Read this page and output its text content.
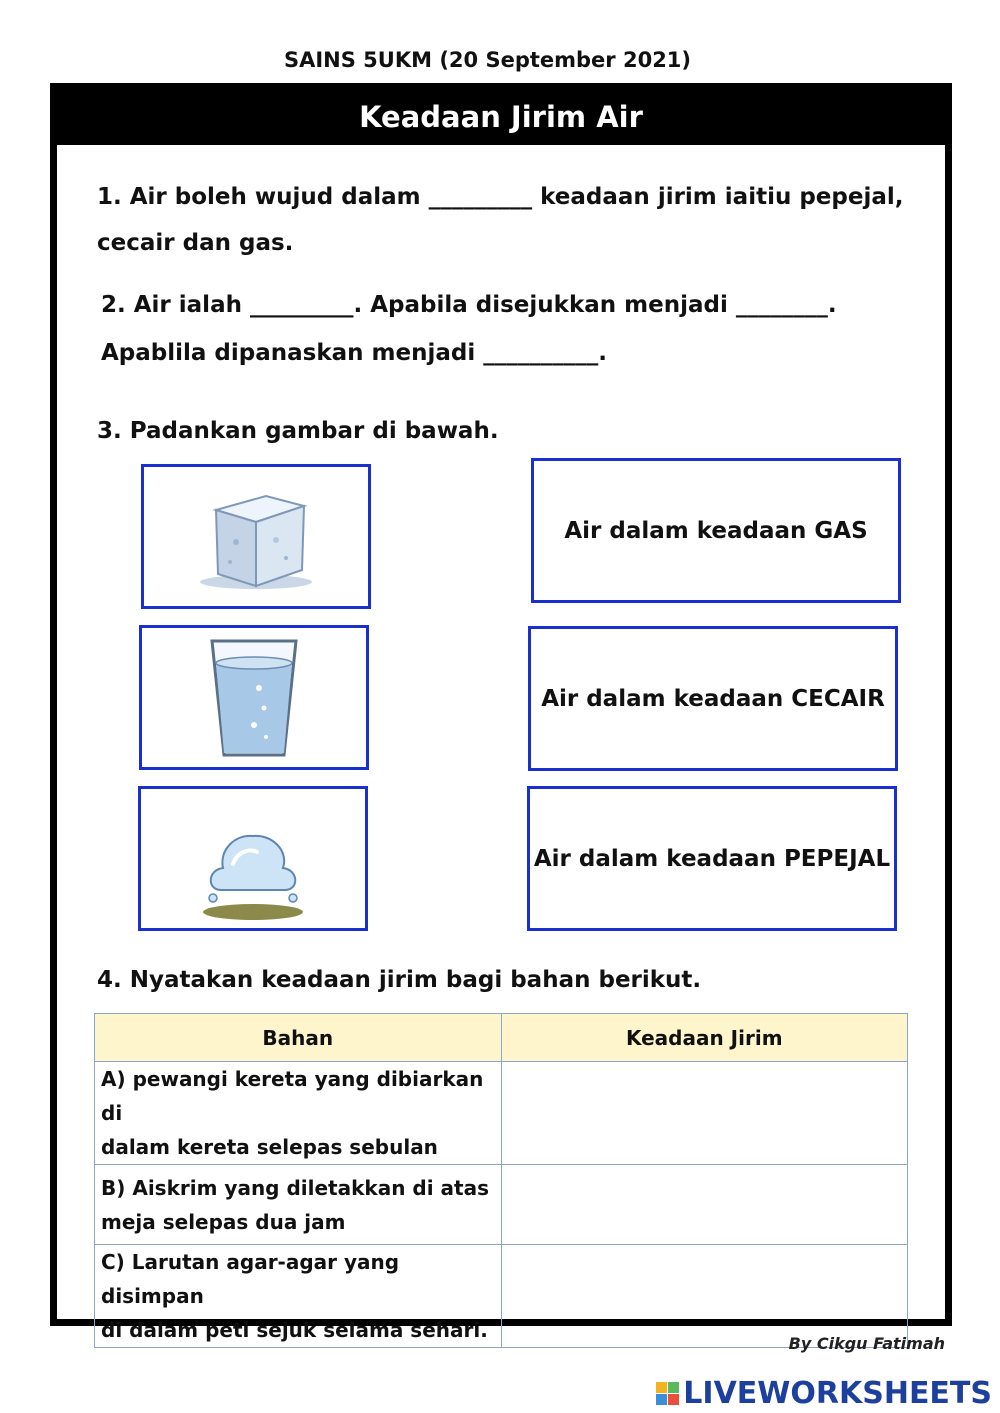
SAINS 5UKM (20 September 2021)
Keadaan Jirim Air
1. Air boleh wujud dalam _________ keadaan jirim iaitiu pepejal,
cecair dan gas.
2. Air ialah _________. Apabila disejukkan menjadi ________.
Apablila dipanaskan menjadi __________.
3. Padankan gambar di bawah.
Air dalam keadaan GAS
Air dalam keadaan CECAIR
Air dalam keadaan PEPEJAL
4. Nyatakan keadaan jirim bagi bahan berikut.
Bahan	Keadaan Jirim

A) pewangi kereta yang dibiarkan di
dalam kereta selepas sebulan	

B) Aiskrim yang diletakkan di atas
meja selepas dua jam	

C) Larutan agar-agar yang disimpan
di dalam peti sejuk selama sehari.	

By Cikgu Fatimah
LIVEWORKSHEETS
